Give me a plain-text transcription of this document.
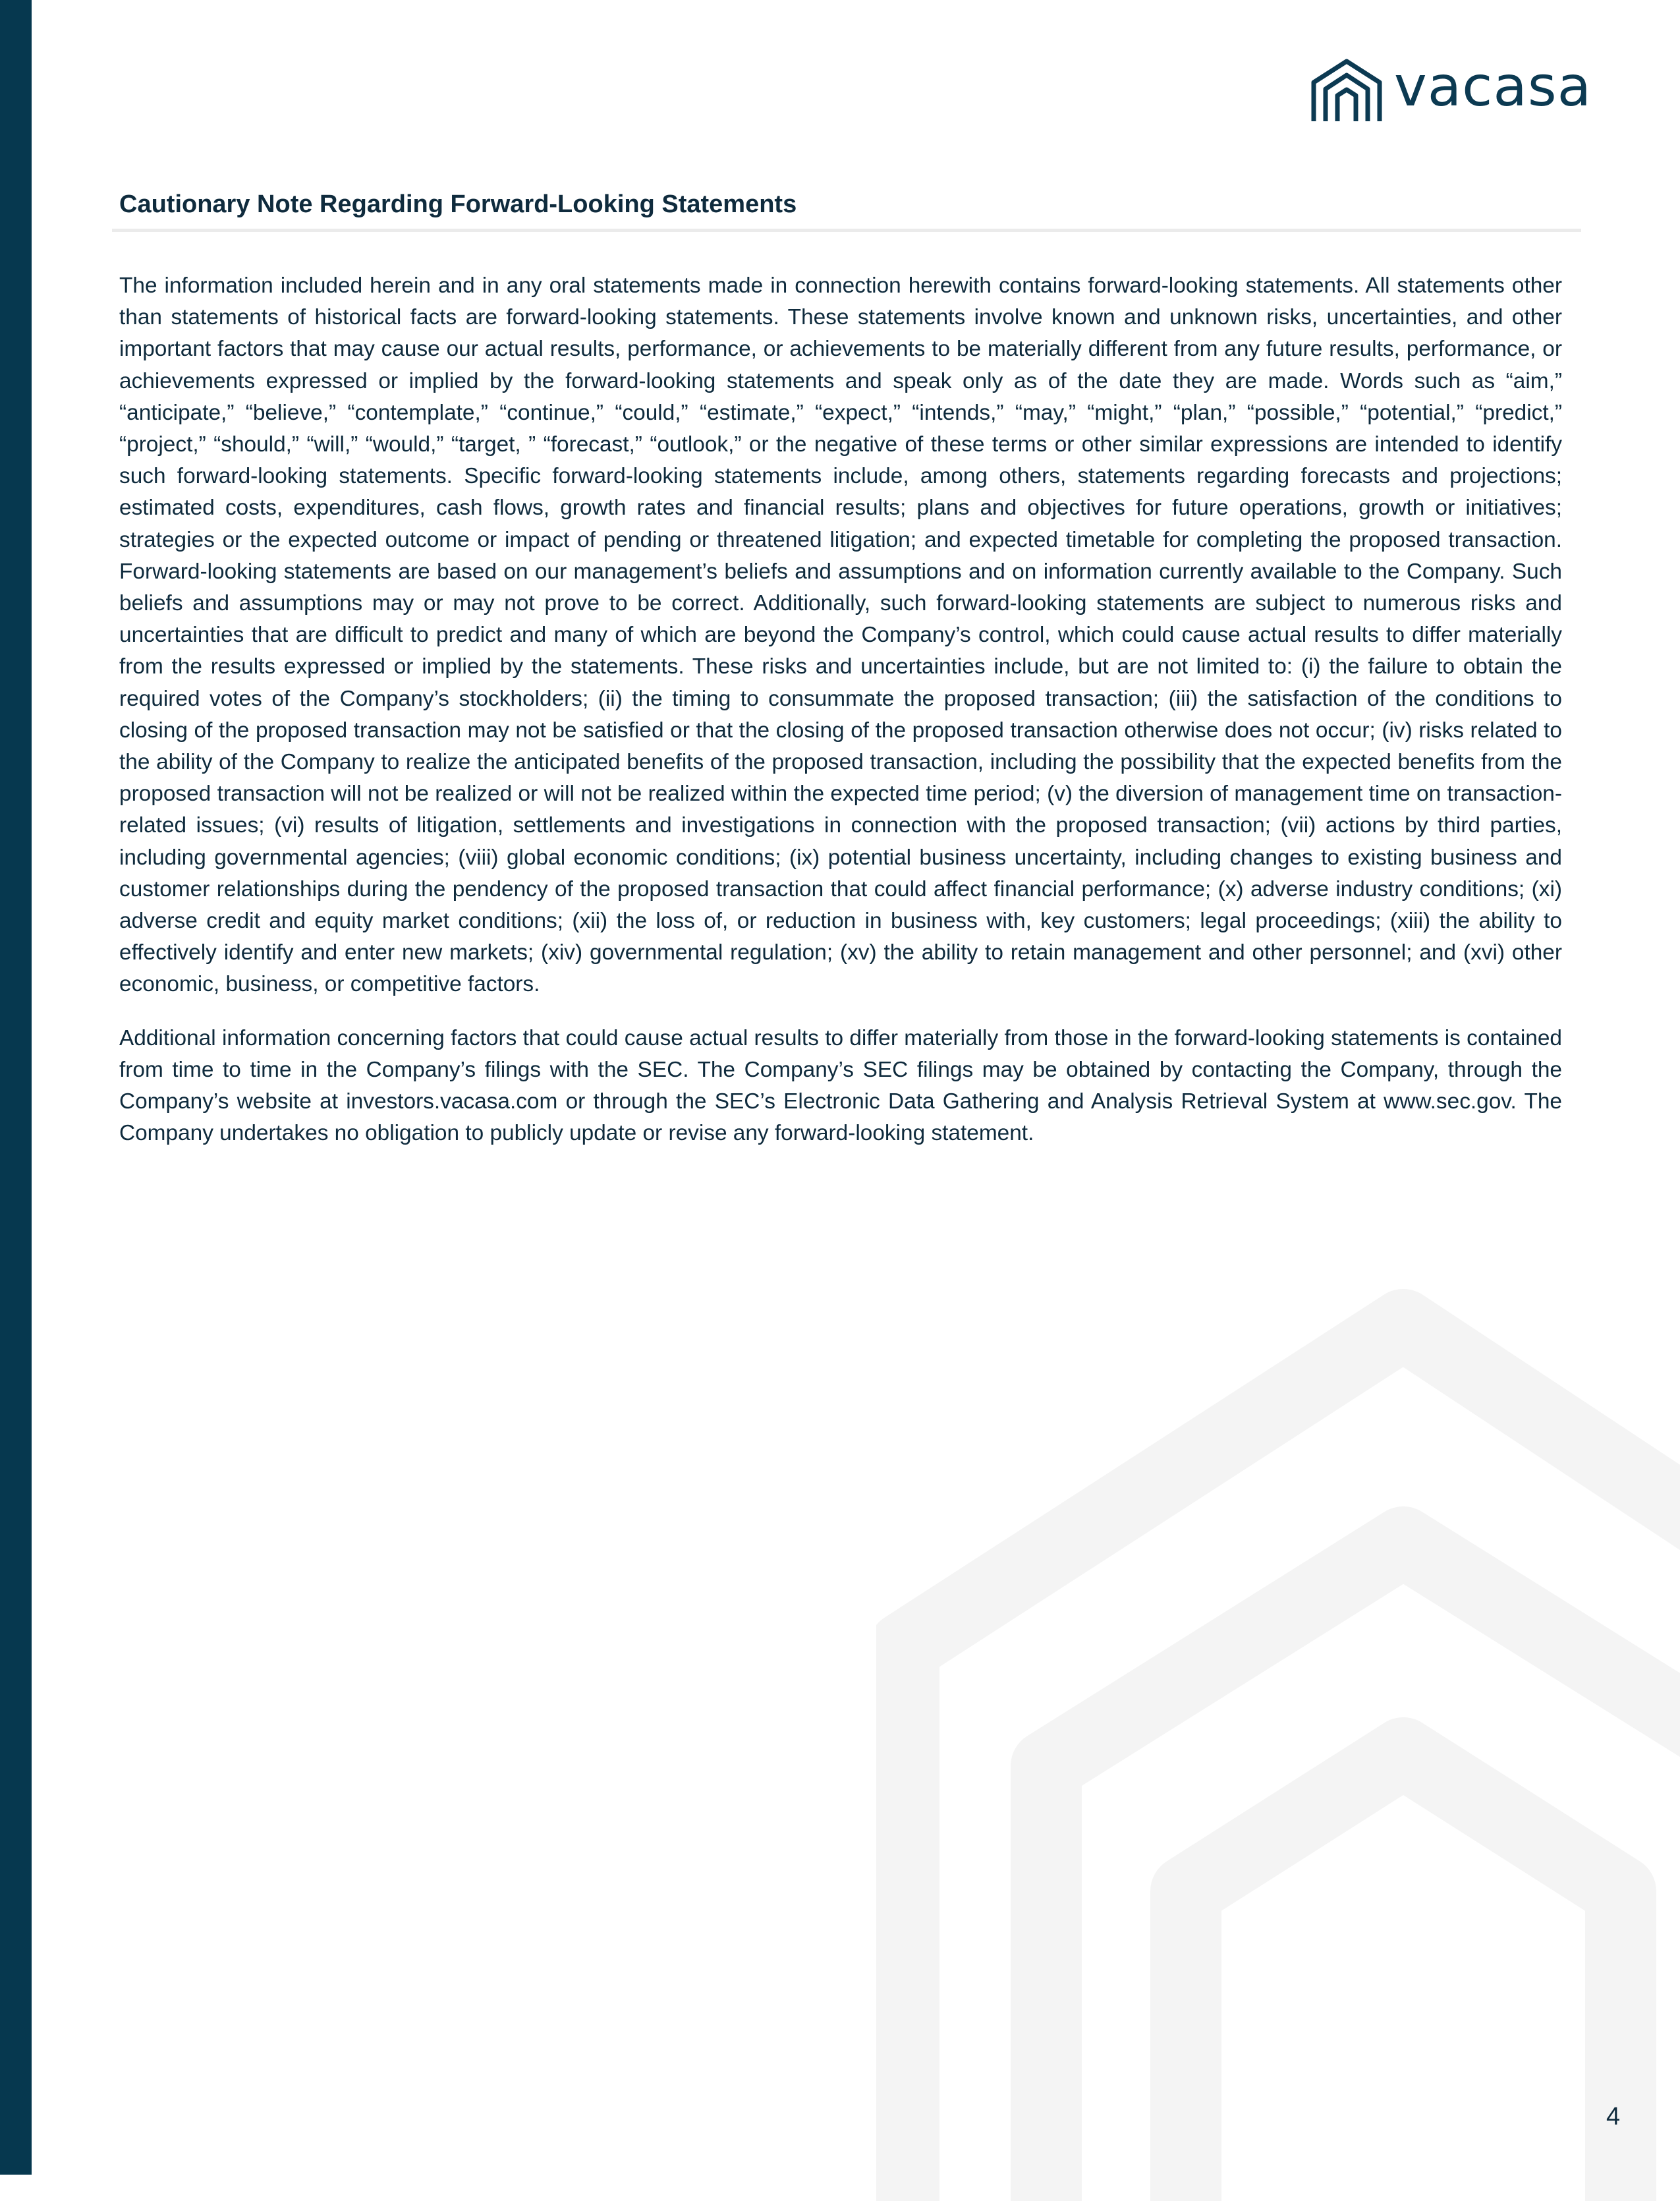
vacasa
Cautionary Note Regarding Forward-Looking Statements

The information included herein and in any oral statements made in connection herewith contains forward-looking statements. All statements other than statements of historical facts are forward-looking statements. These statements involve known and unknown risks, uncertainties, and other important factors that may cause our actual results, performance, or achievements to be materially different from any future results, performance, or achievements expressed or implied by the forward-looking statements and speak only as of the date they are made. Words such as “aim,” “anticipate,” “believe,” “contemplate,” “continue,” “could,” “estimate,” “expect,” “intends,” “may,” “might,” “plan,” “possible,” “potential,” “predict,” “project,” “should,” “will,” “would,” “target, ” “forecast,” “outlook,” or the negative of these terms or other similar expressions are intended to identify such forward-looking statements. Specific forward-looking statements include, among others, statements regarding forecasts and projections; estimated costs, expenditures, cash flows, growth rates and financial results; plans and objectives for future operations, growth or initiatives; strategies or the expected outcome or impact of pending or threatened litigation; and expected timetable for completing the proposed transaction. Forward-looking statements are based on our management’s beliefs and assumptions and on information currently available to the Company. Such beliefs and assumptions may or may not prove to be correct. Additionally, such forward-looking statements are subject to numerous risks and uncertainties that are difficult to predict and many of which are beyond the Company’s control, which could cause actual results to differ materially from the results expressed or implied by the statements. These risks and uncertainties include, but are not limited to: (i) the failure to obtain the required votes of the Company’s stockholders; (ii) the timing to consummate the proposed transaction; (iii) the satisfaction of the conditions to closing of the proposed transaction may not be satisfied or that the closing of the proposed transaction otherwise does not occur; (iv) risks related to the ability of the Company to realize the anticipated benefits of the proposed transaction, including the possibility that the expected benefits from the proposed transaction will not be realized or will not be realized within the expected time period; (v) the diversion of management time on transaction-related issues; (vi) results of litigation, settlements and investigations in connection with the proposed transaction; (vii) actions by third parties, including governmental agencies; (viii) global economic conditions; (ix) potential business uncertainty, including changes to existing business and customer relationships during the pendency of the proposed transaction that could affect financial performance; (x) adverse industry conditions; (xi) adverse credit and equity market conditions; (xii) the loss of, or reduction in business with, key customers; legal proceedings; (xiii) the ability to effectively identify and enter new markets; (xiv) governmental regulation; (xv) the ability to retain management and other personnel; and (xvi) other economic, business, or competitive factors.

Additional information concerning factors that could cause actual results to differ materially from those in the forward-looking statements is contained from time to time in the Company’s filings with the SEC. The Company’s SEC filings may be obtained by contacting the Company, through the Company’s website at investors.vacasa.com or through the SEC’s Electronic Data Gathering and Analysis Retrieval System at www.sec.gov. The Company undertakes no obligation to publicly update or revise any forward-looking statement.

4
